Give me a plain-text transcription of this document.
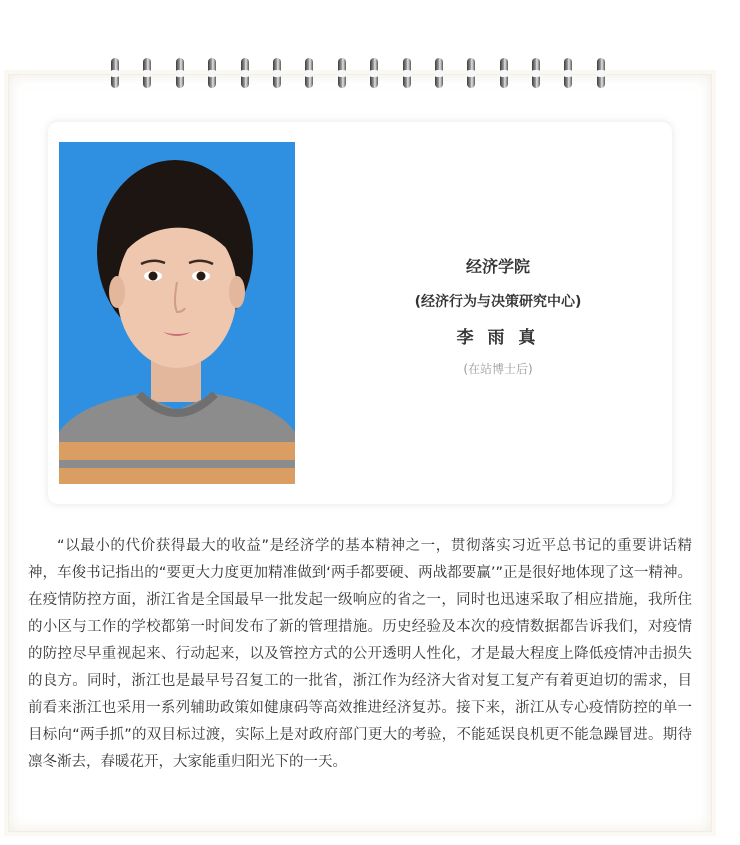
经济学院
(经济行为与决策研究中心)
李 雨 真
(在站博士后)

“以最小的代价获得最大的收益”是经济学的基本精神之一，贯彻落实习近平总书记的重要讲话精神，车俊书记指出的“要更大力度更加精准做到‘两手都要硬、两战都要赢’”正是很好地体现了这一精神。在疫情防控方面，浙江省是全国最早一批发起一级响应的省之一，同时也迅速采取了相应措施，我所住的小区与工作的学校都第一时间发布了新的管理措施。历史经验及本次的疫情数据都告诉我们，对疫情的防控尽早重视起来、行动起来，以及管控方式的公开透明人性化，才是最大程度上降低疫情冲击损失的良方。同时，浙江也是最早号召复工的一批省，浙江作为经济大省对复工复产有着更迫切的需求，目前看来浙江也采用一系列辅助政策如健康码等高效推进经济复苏。接下来，浙江从专心疫情防控的单一目标向“两手抓”的双目标过渡，实际上是对政府部门更大的考验，不能延误良机更不能急躁冒进。期待凛冬渐去，春暖花开，大家能重归阳光下的一天。
